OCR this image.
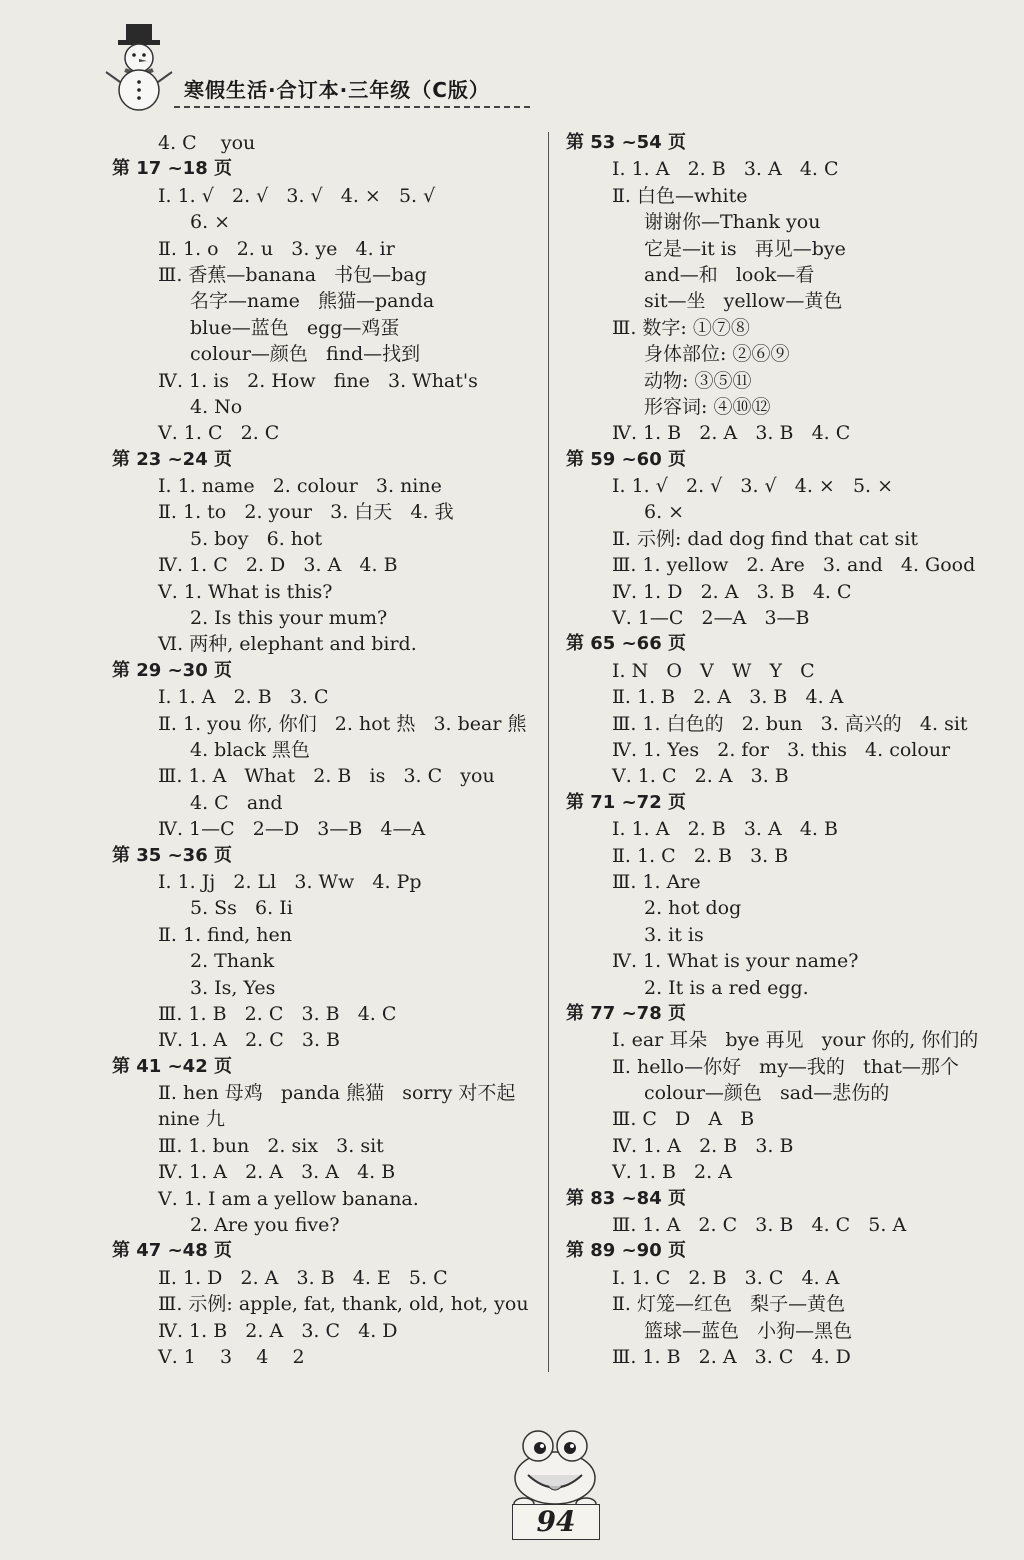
寒假生活·合订本·三年级（C版）
4. C    you
第 17 ~18 页
Ⅰ. 1. √   2. √   3. √   4. ×   5. √
6. ×
Ⅱ. 1. o   2. u   3. ye   4. ir
Ⅲ. 香蕉—banana   书包—bag
名字—name   熊猫—panda
blue—蓝色   egg—鸡蛋
colour—颜色   find—找到
Ⅳ. 1. is   2. How   fine   3. What's
4. No
Ⅴ. 1. C   2. C
第 23 ~24 页
Ⅰ. 1. name   2. colour   3. nine
Ⅱ. 1. to   2. your   3. 白天   4. 我
5. boy   6. hot
Ⅳ. 1. C   2. D   3. A   4. B
Ⅴ. 1. What is this?
2. Is this your mum?
Ⅵ. 两种, elephant and bird.
第 29 ~30 页
Ⅰ. 1. A   2. B   3. C
Ⅱ. 1. you 你, 你们   2. hot 热   3. bear 熊
4. black 黑色
Ⅲ. 1. A   What   2. B   is   3. C   you
4. C   and
Ⅳ. 1—C   2—D   3—B   4—A
第 35 ~36 页
Ⅰ. 1. Jj   2. Ll   3. Ww   4. Pp
5. Ss   6. Ii
Ⅱ. 1. find, hen
2. Thank
3. Is, Yes
Ⅲ. 1. B   2. C   3. B   4. C
Ⅳ. 1. A   2. C   3. B
第 41 ~42 页
Ⅱ. hen 母鸡   panda 熊猫   sorry 对不起
nine 九
Ⅲ. 1. bun   2. six   3. sit
Ⅳ. 1. A   2. A   3. A   4. B
Ⅴ. 1. I am a yellow banana.
2. Are you five?
第 47 ~48 页
Ⅱ. 1. D   2. A   3. B   4. E   5. C
Ⅲ. 示例: apple, fat, thank, old, hot, you
Ⅳ. 1. B   2. A   3. C   4. D
Ⅴ. 1    3    4    2
第 53 ~54 页
Ⅰ. 1. A   2. B   3. A   4. C
Ⅱ. 白色—white
谢谢你—Thank you
它是—it is   再见—bye
and—和   look—看
sit—坐   yellow—黄色
Ⅲ. 数字: ①⑦⑧
身体部位: ②⑥⑨
动物: ③⑤⑪
形容词: ④⑩⑫
Ⅳ. 1. B   2. A   3. B   4. C
第 59 ~60 页
Ⅰ. 1. √   2. √   3. √   4. ×   5. ×
6. ×
Ⅱ. 示例: dad dog find that cat sit
Ⅲ. 1. yellow   2. Are   3. and   4. Good
Ⅳ. 1. D   2. A   3. B   4. C
Ⅴ. 1—C   2—A   3—B
第 65 ~66 页
Ⅰ. N   O   V   W   Y   C
Ⅱ. 1. B   2. A   3. B   4. A
Ⅲ. 1. 白色的   2. bun   3. 高兴的   4. sit
Ⅳ. 1. Yes   2. for   3. this   4. colour
Ⅴ. 1. C   2. A   3. B
第 71 ~72 页
Ⅰ. 1. A   2. B   3. A   4. B
Ⅱ. 1. C   2. B   3. B
Ⅲ. 1. Are
2. hot dog
3. it is
Ⅳ. 1. What is your name?
2. It is a red egg.
第 77 ~78 页
Ⅰ. ear 耳朵   bye 再见   your 你的, 你们的
Ⅱ. hello—你好   my—我的   that—那个
colour—颜色   sad—悲伤的
Ⅲ. C   D   A   B
Ⅳ. 1. A   2. B   3. B
Ⅴ. 1. B   2. A
第 83 ~84 页
Ⅲ. 1. A   2. C   3. B   4. C   5. A
第 89 ~90 页
Ⅰ. 1. C   2. B   3. C   4. A
Ⅱ. 灯笼—红色   梨子—黄色
篮球—蓝色   小狗—黑色
Ⅲ. 1. B   2. A   3. C   4. D
94
